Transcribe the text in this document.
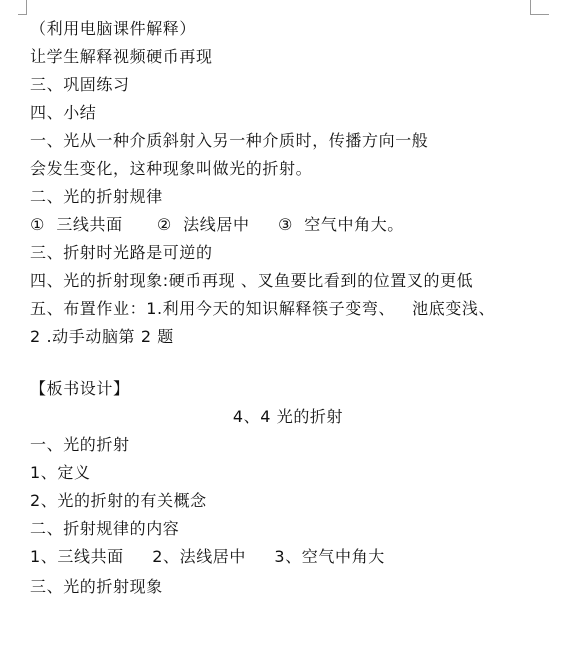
（利用电脑课件解释）
让学生解释视频硬币再现
三、巩固练习
四、小结
一、光从一种介质斜射入另一种介质时，传播方向一般
会发生变化，这种现象叫做光的折射。
二、光的折射规律
①  三线共面      ②  法线居中     ③  空气中角大。
三、折射时光路是可逆的
四、光的折射现象:硬币再现 、叉鱼要比看到的位置叉的更低
五、布置作业：1.利用今天的知识解释筷子变弯、   池底变浅、
2 .动手动脑第 2 题
【板书设计】
4、4 光的折射
一、光的折射
1、定义
2、光的折射的有关概念
二、折射规律的内容
1、三线共面     2、法线居中     3、空气中角大
三、光的折射现象
